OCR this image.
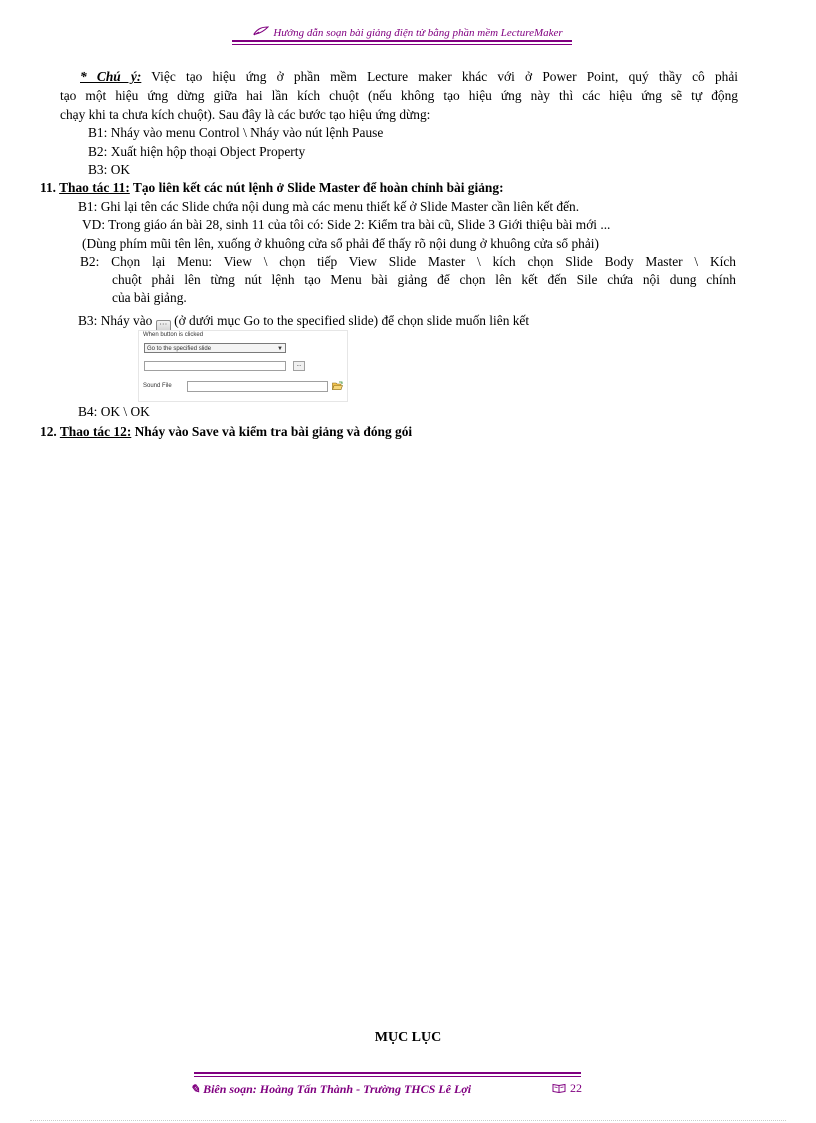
Hướng dẫn soạn bài giảng điện tử bằng phần mềm LectureMaker
* Chú ý: Việc tạo hiệu ứng ở phần mềm Lecture maker khác với ở Power Point, quý thầy cô phải
tạo một hiệu ứng dừng giữa hai lần kích chuột (nếu không tạo hiệu ứng này thì các hiệu ứng sẽ tự động
chạy khi ta chưa kích chuột). Sau đây là các bước tạo hiệu ứng dừng:
B1: Nháy vào menu Control \ Nháy vào nút lệnh Pause
B2: Xuất hiện hộp thoại Object Property
B3: OK
11. Thao tác 11: Tạo liên kết các nút lệnh ở Slide Master để hoàn chỉnh bài giảng:
B1: Ghi lại tên các Slide chứa nội dung mà các menu thiết kế ở Slide Master cần liên kết đến.
VD: Trong giáo án bài 28, sinh 11 của tôi có: Side 2: Kiểm tra bài cũ, Slide 3 Giới thiệu bài mới ...
(Dùng phím mũi tên lên, xuống ở khuông cửa sổ phải để thấy rõ nội dung ở khuông cửa sổ phải)
B2: Chọn lại Menu: View \ chọn tiếp View Slide Master \ kích chọn Slide Body Master \ Kích
chuột phải lên từng nút lệnh tạo Menu bài giảng để chọn lên kết đến Sile chứa nội dung chính
của bài giảng.
B3: Nháy vào ··· (ở dưới mục Go to the specified slide) để chọn slide muốn liên kết
When button is clicked
Go to the specified slide	▼
...
Sound File
B4: OK \ OK
12. Thao tác 12: Nháy vào Save và kiểm tra bài giảng và đóng gói
MỤC LỤC
✎ Biên soạn: Hoàng Tấn Thành - Trường THCS Lê Lợi	22
